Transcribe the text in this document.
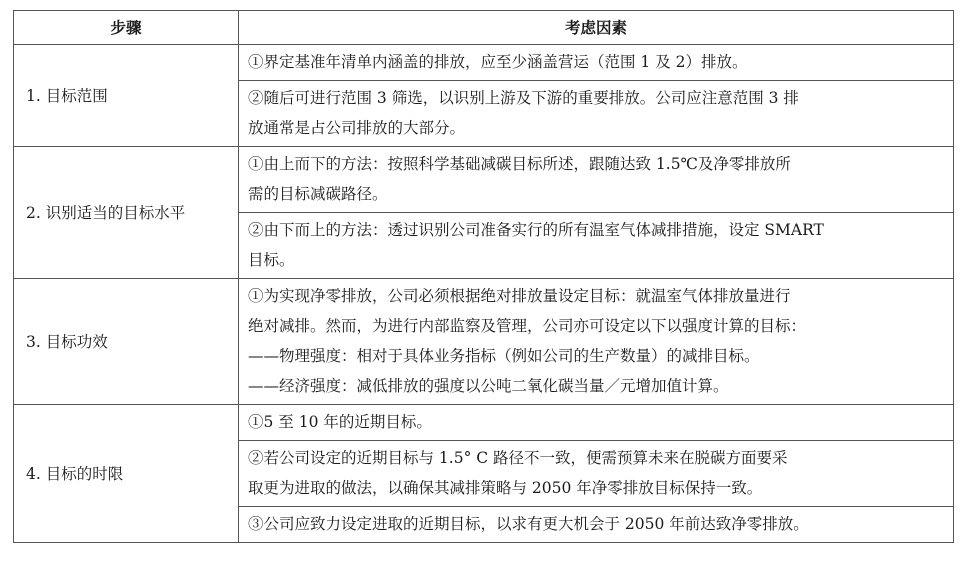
步骤	考虑因素
1. 目标范围	①界定基准年清单内涵盖的排放，应至少涵盖营运（范围 1 及 2）排放。

	②随后可进行范围 3 筛选，以识别上游及下游的重要排放。公司应注意范围 3 排
放通常是占公司排放的大部分。

2. 识别适当的目标水平	①由上而下的方法：按照科学基础减碳目标所述，跟随达致 1.5℃及净零排放所
需的目标减碳路径。

	②由下而上的方法：透过识别公司准备实行的所有温室气体减排措施，设定 SMART
目标。

3. 目标功效	①为实现净零排放，公司必须根据绝对排放量设定目标：就温室气体排放量进行
绝对减排。然而，为进行内部监察及管理，公司亦可设定以下以强度计算的目标：
——物理强度：相对于具体业务指标（例如公司的生产数量）的减排目标。
——经济强度：减低排放的强度以公吨二氧化碳当量／元增加值计算。

4. 目标的时限	①5 至 10 年的近期目标。

	②若公司设定的近期目标与 1.5° C 路径不一致，便需预算未来在脱碳方面要采
取更为进取的做法，以确保其减排策略与 2050 年净零排放目标保持一致。

	③公司应致力设定进取的近期目标，以求有更大机会于 2050 年前达致净零排放。
